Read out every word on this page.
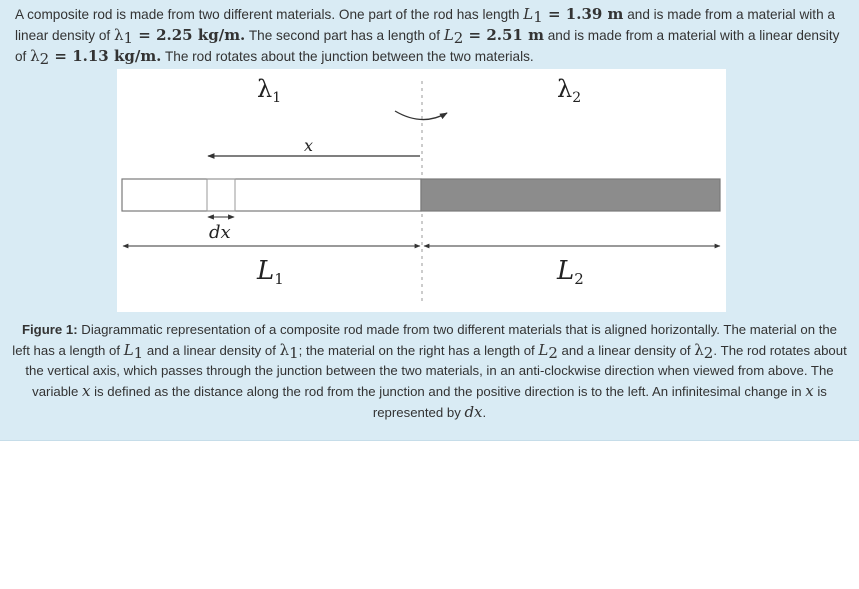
A composite rod is made from two different materials. One part of the rod has length $L_1 = 1.39$ m and is made from a material with a linear density of $\lambda_1 = 2.25$ kg/m. The second part has a length of $L_2 = 2.51$ m and is made from a material with a linear density of $\lambda_2 = 1.13$ kg/m. The rod rotates about the junction between the two materials.

$\lambda_1$	$\lambda_2$
x
dx
L1	L2

Figure 1: Diagrammatic representation of a composite rod made from two different materials that is aligned horizontally. The material on the left has a length of $L_1$ and a linear density of $\lambda_1$; the material on the right has a length of $L_2$ and a linear density of $\lambda_2$. The rod rotates about the vertical axis, which passes through the junction between the two materials, in an anti-clockwise direction when viewed from above. The variable x is defined as the distance along the rod from the junction and the positive direction is to the left. An infinitesimal change in x is represented by dx.
